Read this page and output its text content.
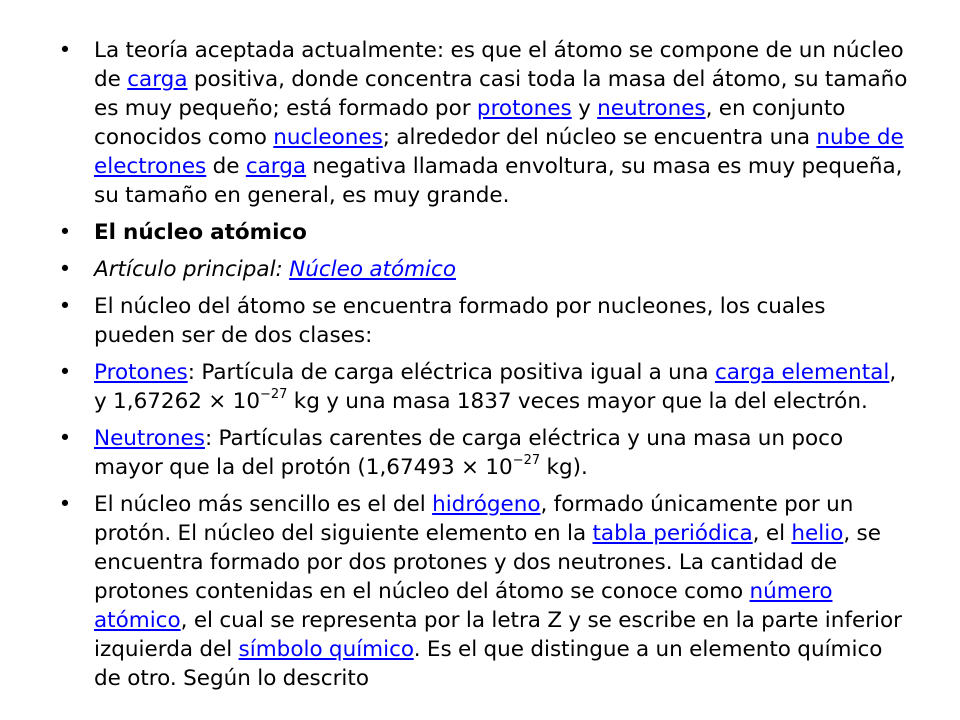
• La teoría aceptada actualmente: es que el átomo se compone de un núcleo de carga positiva, donde concentra casi toda la masa del átomo, su tamaño es muy pequeño; está formado por protones y neutrones, en conjunto conocidos como nucleones; alrededor del núcleo se encuentra una nube de electrones de carga negativa llamada envoltura, su masa es muy pequeña, su tamaño en general, es muy grande.
• El núcleo atómico
• Artículo principal: Núcleo atómico
• El núcleo del átomo se encuentra formado por nucleones, los cuales pueden ser de dos clases:
• Protones: Partícula de carga eléctrica positiva igual a una carga elemental, y $1,67262 \times 10^{-27}$ kg y una masa 1837 veces mayor que la del electrón.
• Neutrones: Partículas carentes de carga eléctrica y una masa un poco mayor que la del protón ($1,67493 \times 10^{-27}$ kg).
• El núcleo más sencillo es el del hidrógeno, formado únicamente por un protón. El núcleo del siguiente elemento en la tabla periódica, el helio, se encuentra formado por dos protones y dos neutrones. La cantidad de protones contenidas en el núcleo del átomo se conoce como número atómico, el cual se representa por la letra Z y se escribe en la parte inferior izquierda del símbolo químico. Es el que distingue a un elemento químico de otro. Según lo descrito
